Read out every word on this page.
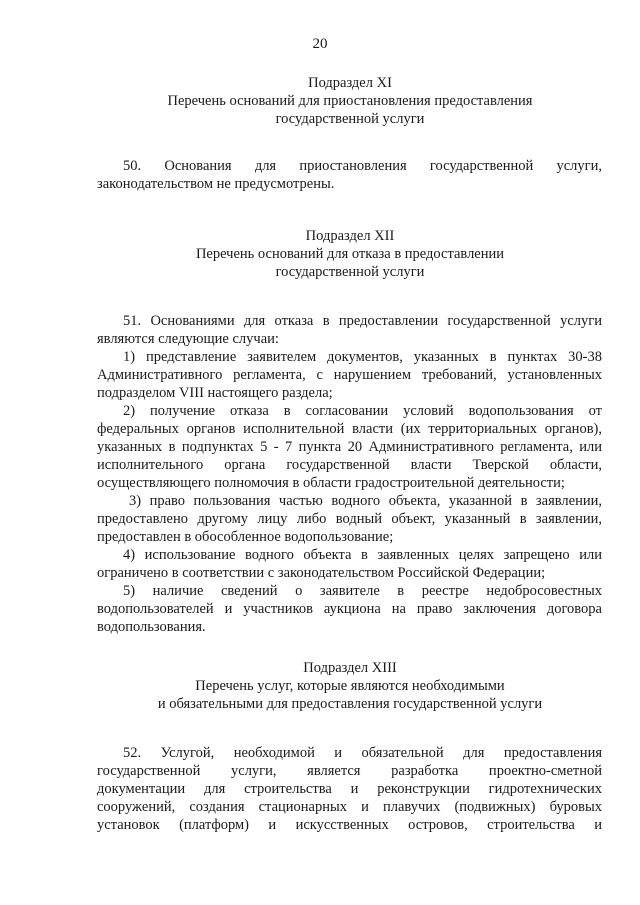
20
Подраздел XI
Перечень оснований для приостановления предоставления
государственной услуги
50. Основания для приостановления государственной услуги,
законодательством не предусмотрены.
Подраздел XII
Перечень оснований для отказа в предоставлении
государственной услуги
51. Основаниями для отказа в предоставлении государственной услуги
являются следующие случаи:
1) представление заявителем документов, указанных в пунктах 30-38
Административного регламента, с нарушением требований, установленных
подразделом VIII настоящего раздела;
2) получение отказа в согласовании условий водопользования от
федеральных органов исполнительной власти (их территориальных органов),
указанных в подпунктах 5 - 7 пункта 20 Административного регламента, или
исполнительного органа государственной власти Тверской области,
осуществляющего полномочия в области градостроительной деятельности;
3) право пользования частью водного объекта, указанной в заявлении,
предоставлено другому лицу либо водный объект, указанный в заявлении,
предоставлен в обособленное водопользование;
4) использование водного объекта в заявленных целях запрещено или
ограничено в соответствии с законодательством Российской Федерации;
5) наличие сведений о заявителе в реестре недобросовестных
водопользователей и участников аукциона на право заключения договора
водопользования.
Подраздел XIII
Перечень услуг, которые являются необходимыми
и обязательными для предоставления государственной услуги
52. Услугой, необходимой и обязательной для предоставления
государственной услуги, является разработка проектно-сметной
документации для строительства и реконструкции гидротехнических
сооружений, создания стационарных и плавучих (подвижных) буровых
установок (платформ) и искусственных островов, строительства и
